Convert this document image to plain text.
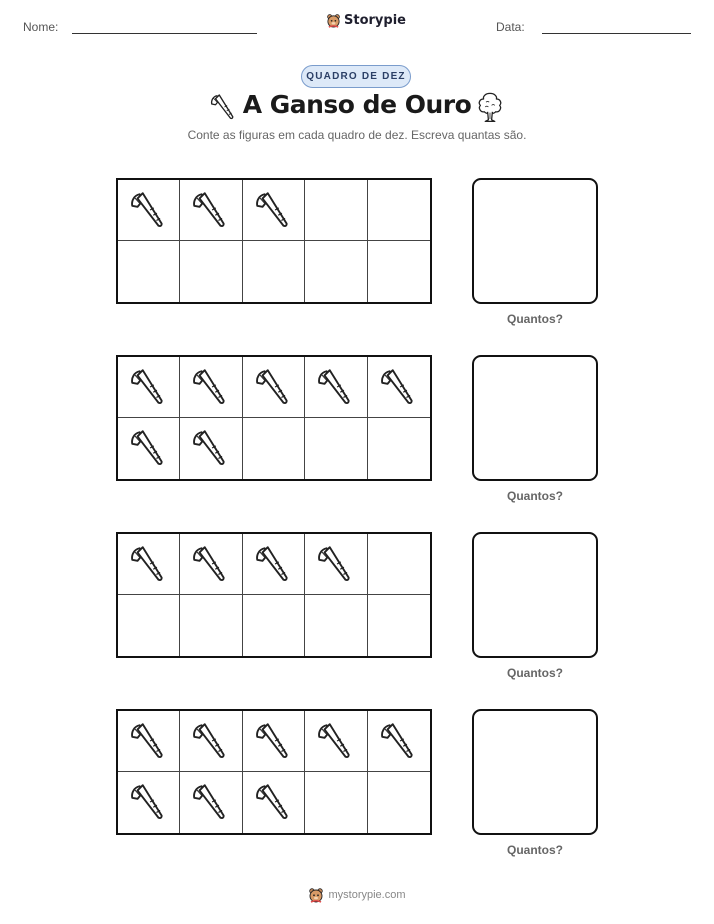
Nome:	Storypie	Data:
QUADRO DE DEZ
A Ganso de Ouro
Conte as figuras em cada quadro de dez. Escreva quantas são.
Quantos?
Quantos?
Quantos?
Quantos?
mystorypie.com
